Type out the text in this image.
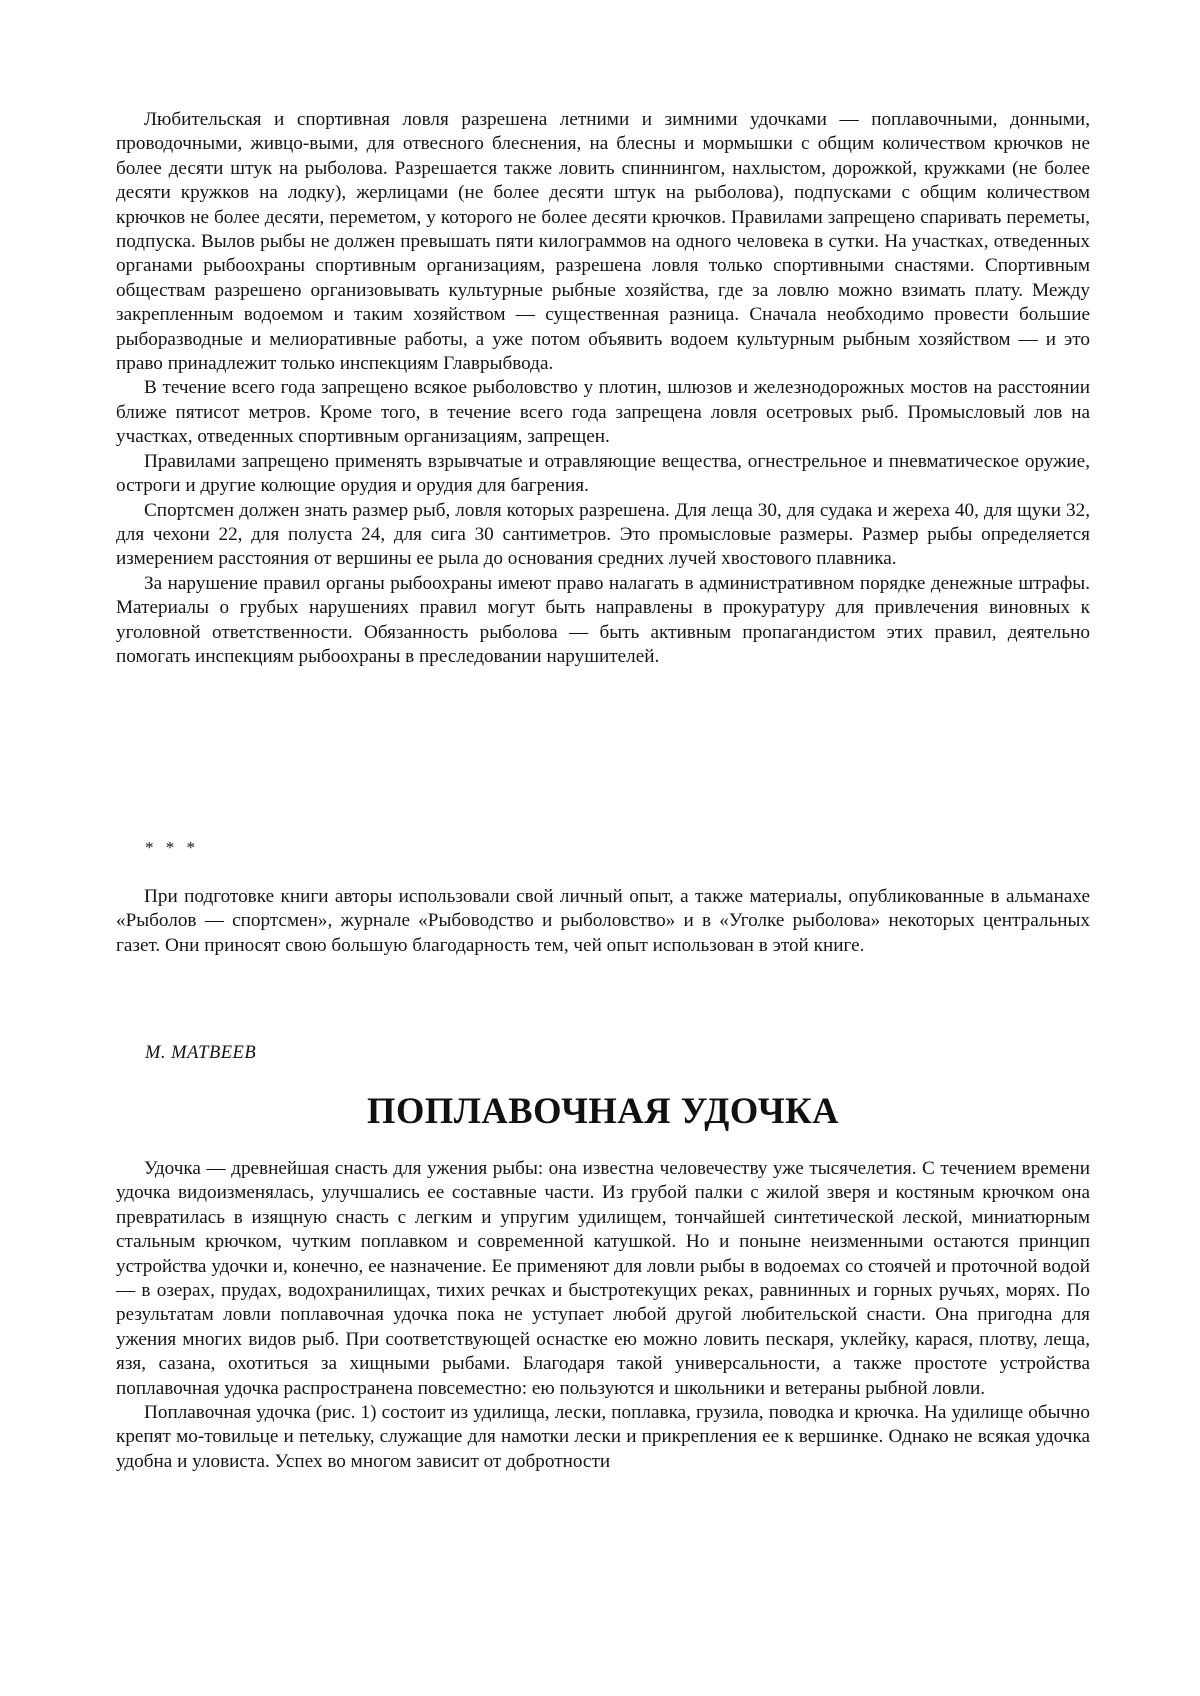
Любительская и спортивная ловля разрешена летними и зимними удочками — поплавочными, донными, проводочными, живцо-выми, для отвесного блеснения, на блесны и мормышки с общим количеством крючков не более десяти штук на рыболова. Разрешается также ловить спиннингом, нахлыстом, дорожкой, кружками (не более десяти кружков на лодку), жерлицами (не более десяти штук на рыболова), подпусками с общим количеством крючков не более десяти, переметом, у которого не более десяти крючков. Правилами запрещено спаривать переметы, подпуска. Вылов рыбы не должен превышать пяти килограммов на одного человека в сутки. На участках, отведенных органами рыбоохраны спортивным организациям, разрешена ловля только спортивными снастями. Спортивным обществам разрешено организовывать культурные рыбные хозяйства, где за ловлю можно взимать плату. Между закрепленным водоемом и таким хозяйством — существенная разница. Сначала необходимо провести большие рыборазводные и мелиоративные работы, а уже потом объявить водоем культурным рыбным хозяйством — и это право принадлежит только инспекциям Главрыбвода.

В течение всего года запрещено всякое рыболовство у плотин, шлюзов и железнодорожных мостов на расстоянии ближе пятисот метров. Кроме того, в течение всего года запрещена ловля осетровых рыб. Промысловый лов на участках, отведенных спортивным организациям, запрещен.

Правилами запрещено применять взрывчатые и отравляющие вещества, огнестрельное и пневматическое оружие, остроги и другие колющие орудия и орудия для багрения.

Спортсмен должен знать размер рыб, ловля которых разрешена. Для леща 30, для судака и жереха 40, для щуки 32, для чехони 22, для полуста 24, для сига 30 сантиметров. Это промысловые размеры. Размер рыбы определяется измерением расстояния от вершины ее рыла до основания средних лучей хвостового плавника.

За нарушение правил органы рыбоохраны имеют право налагать в административном порядке денежные штрафы. Материалы о грубых нарушениях правил могут быть направлены в прокуратуру для привлечения виновных к уголовной ответственности. Обязанность рыболова — быть активным пропагандистом этих правил, деятельно помогать инспекциям рыбоохраны в преследовании нарушителей.

* * *

При подготовке книги авторы использовали свой личный опыт, а также материалы, опубликованные в альманахе «Рыболов — спортсмен», журнале «Рыбоводство и рыболовство» и в «Уголке рыболова» некоторых центральных газет. Они приносят свою большую благодарность тем, чей опыт использован в этой книге.

М. МАТВЕЕВ

ПОПЛАВОЧНАЯ УДОЧКА

Удочка — древнейшая снасть для ужения рыбы: она известна человечеству уже тысячелетия. С течением времени удочка видоизменялась, улучшались ее составные части. Из грубой палки с жилой зверя и костяным крючком она превратилась в изящную снасть с легким и упругим удилищем, тончайшей синтетической леской, миниатюрным стальным крючком, чутким поплавком и современной катушкой. Но и поныне неизменными остаются принцип устройства удочки и, конечно, ее назначение. Ее применяют для ловли рыбы в водоемах со стоячей и проточной водой — в озерах, прудах, водохранилищах, тихих речках и быстротекущих реках, равнинных и горных ручьях, морях. По результатам ловли поплавочная удочка пока не уступает любой другой любительской снасти. Она пригодна для ужения многих видов рыб. При соответствующей оснастке ею можно ловить пескаря, уклейку, карася, плотву, леща, язя, сазана, охотиться за хищными рыбами. Благодаря такой универсальности, а также простоте устройства поплавочная удочка распространена повсеместно: ею пользуются и школьники и ветераны рыбной ловли.

Поплавочная удочка (рис. 1) состоит из удилища, лески, поплавка, грузила, поводка и крючка. На удилище обычно крепят мо-товильце и петельку, служащие для намотки лески и прикрепления ее к вершинке. Однако не всякая удочка удобна и уловиста. Успех во многом зависит от добротности
